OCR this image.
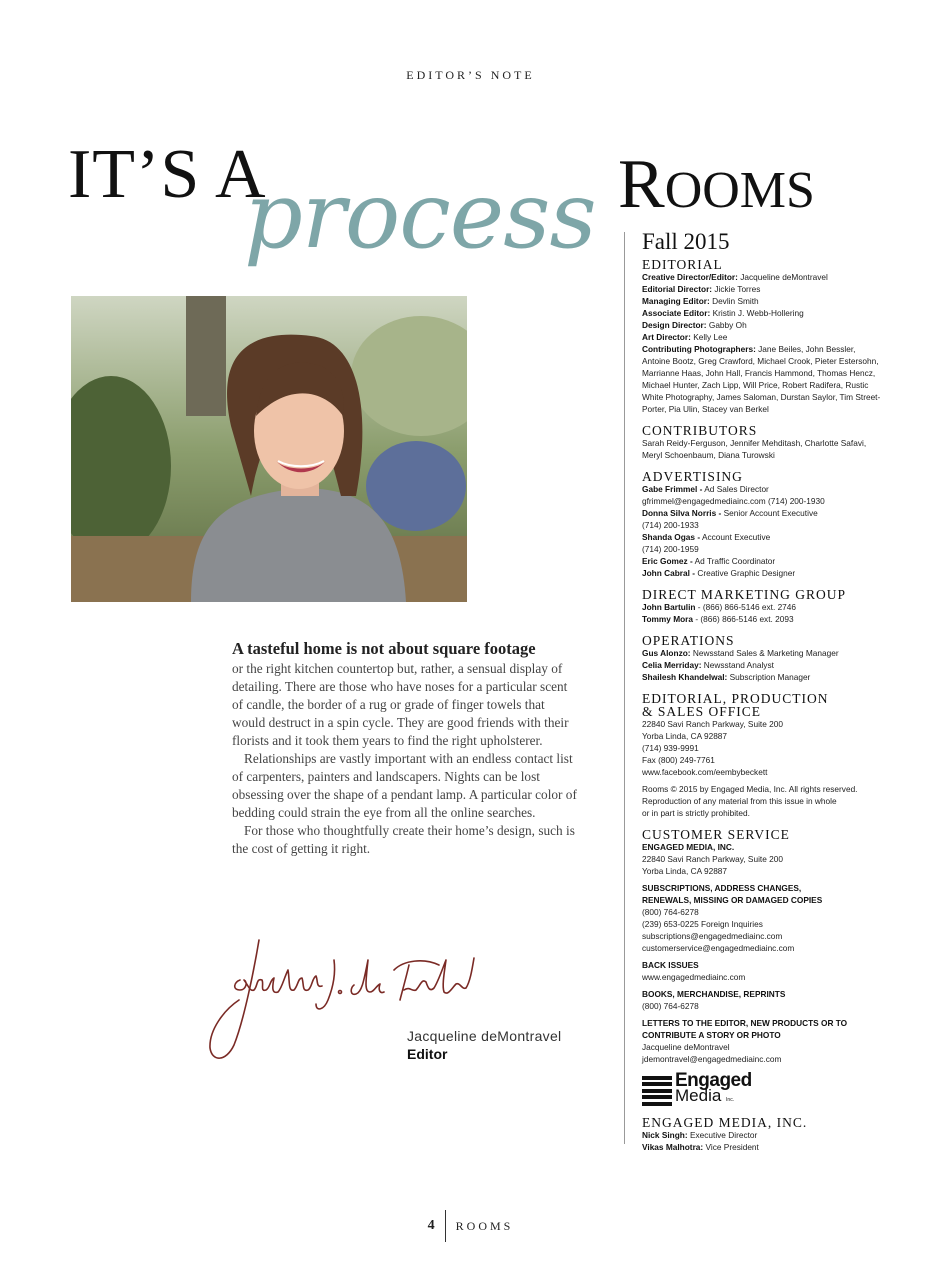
EDITOR’S NOTE
IT’S A
process

A tasteful home is not about square footage
or the right kitchen countertop but, rather, a sensual display of detailing. There are those who have noses for a particular scent of candle, the border of a rug or grade of finger towels that would destruct in a spin cycle. They are good friends with their florists and it took them years to find the right upholsterer.

Relationships are vastly important with an endless contact list of carpenters, painters and landscapers. Nights can be lost obsessing over the shape of a pendant lamp. A particular color of bedding could strain the eye from all the online searches.

For those who thoughtfully create their home’s design, such is the cost of getting it right.

Jacqueline deMontravel
Editor
ROOMS
Fall 2015
EDITORIAL
Creative Director/Editor: Jacqueline deMontravel
Editorial Director: Jickie Torres
Managing Editor: Devlin Smith
Associate Editor: Kristin J. Webb-Hollering
Design Director: Gabby Oh
Art Director: Kelly Lee
Contributing Photographers: Jane Beiles, John Bessler, Antoine Bootz, Greg Crawford, Michael Crook, Pieter Estersohn, Marrianne Haas, John Hall, Francis Hammond, Thomas Hencz, Michael Hunter, Zach Lipp, Will Price, Robert Radifera, Rustic White Photography, James Saloman, Durstan Saylor, Tim Street-Porter, Pia Ulin, Stacey van Berkel
CONTRIBUTORS
Sarah Reidy-Ferguson, Jennifer Mehditash, Charlotte Safavi, Meryl Schoenbaum, Diana Turowski
ADVERTISING
Gabe Frimmel - Ad Sales Director
gfrimmel@engagedmediainc.com (714) 200-1930
Donna Silva Norris - Senior Account Executive
(714) 200-1933
Shanda Ogas - Account Executive
(714) 200-1959
Eric Gomez - Ad Traffic Coordinator
John Cabral - Creative Graphic Designer
DIRECT MARKETING GROUP
John Bartulin - (866) 866-5146 ext. 2746
Tommy Mora - (866) 866-5146 ext. 2093
OPERATIONS
Gus Alonzo: Newsstand Sales & Marketing Manager
Celia Merriday: Newsstand Analyst
Shailesh Khandelwal: Subscription Manager
EDITORIAL, PRODUCTION
& SALES OFFICE
22840 Savi Ranch Parkway, Suite 200
Yorba Linda, CA 92887
(714) 939-9991
Fax (800) 249-7761
www.facebook.com/eembybeckett
Rooms © 2015 by Engaged Media, Inc. All rights reserved.
Reproduction of any material from this issue in whole
or in part is strictly prohibited.
CUSTOMER SERVICE
ENGAGED MEDIA, INC.
22840 Savi Ranch Parkway, Suite 200
Yorba Linda, CA 92887
SUBSCRIPTIONS, ADDRESS CHANGES,
RENEWALS, MISSING OR DAMAGED COPIES
(800) 764-6278
(239) 653-0225 Foreign Inquiries
subscriptions@engagedmediainc.com
customerservice@engagedmediainc.com
BACK ISSUES
www.engagedmediainc.com
BOOKS, MERCHANDISE, REPRINTS
(800) 764-6278
LETTERS TO THE EDITOR, NEW PRODUCTS OR TO
CONTRIBUTE A STORY OR PHOTO
Jacqueline deMontravel
jdemontravel@engagedmediainc.com
Engaged
Media Inc.
ENGAGED MEDIA, INC.
Nick Singh: Executive Director
Vikas Malhotra: Vice President
4	ROOMS
